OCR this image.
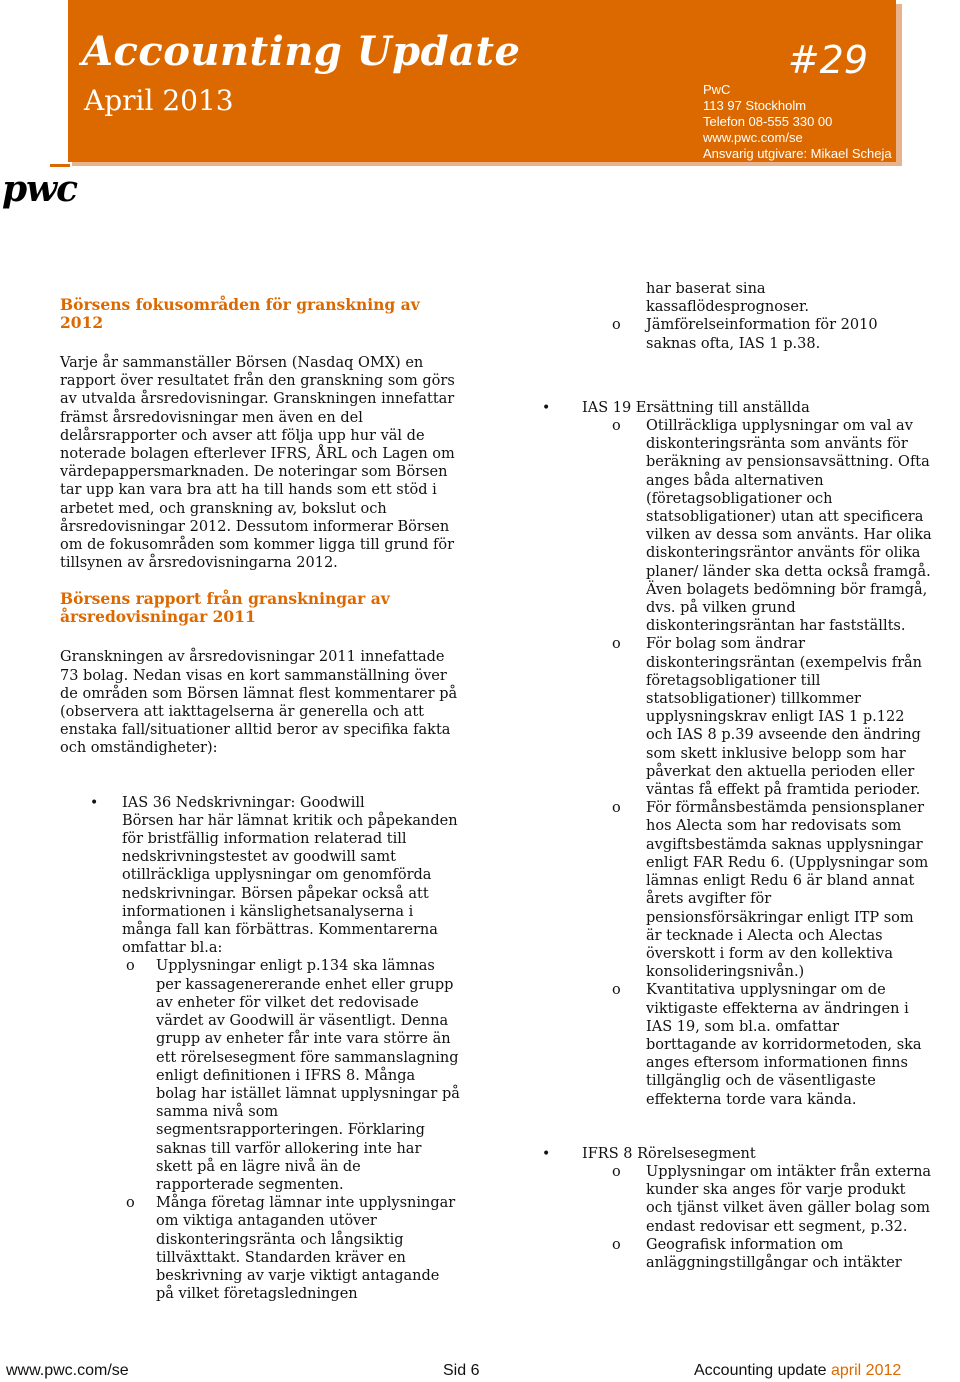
Accounting Update
April 2013
#29
PwC
113 97 Stockholm
Telefon 08-555 330 00
www.pwc.com/se
Ansvarig utgivare: Mikael Scheja
pwc
Börsens fokusområden för granskning av 2012

Varje år sammanställer Börsen (Nasdaq OMX) en rapport över resultatet från den granskning som görs av utvalda årsredovisningar. Granskningen innefattar främst årsredovisningar men även en del delårsrapporter och avser att följa upp hur väl de noterade bolagen efterlever IFRS, ÅRL och Lagen om värdepappersmarknaden. De noteringar som Börsen tar upp kan vara bra att ha till hands som ett stöd i arbetet med, och granskning av, bokslut och årsredovisningar 2012. Dessutom informerar Börsen om de fokusområden som kommer ligga till grund för tillsynen av årsredovisningarna 2012.

Börsens rapport från granskningar av årsredovisningar 2011

Granskningen av årsredovisningar 2011 innefattade 73 bolag. Nedan visas en kort sammanställning över de områden som Börsen lämnat flest kommentarer på (observera att iakttagelserna är generella och att enstaka fall/situationer alltid beror av specifika fakta och omständigheter):

• IAS 36 Nedskrivningar: Goodwill
Börsen har här lämnat kritik och påpekanden för bristfällig information relaterad till nedskrivningstestet av goodwill samt otillräckliga upplysningar om genomförda nedskrivningar. Börsen påpekar också att informationen i känslighetsanalyserna i många fall kan förbättras. Kommentarerna omfattar bl.a:
o Upplysningar enligt p.134 ska lämnas per kassagenererande enhet eller grupp av enheter för vilket det redovisade värdet av Goodwill är väsentligt. Denna grupp av enheter får inte vara större än ett rörelsesegment före sammanslagning enligt definitionen i IFRS 8. Många bolag har istället lämnat upplysningar på samma nivå som segmentsrapporteringen. Förklaring saknas till varför allokering inte har skett på en lägre nivå än de rapporterade segmenten.
o Många företag lämnar inte upplysningar om viktiga antaganden utöver diskonteringsränta och långsiktig tillväxttakt. Standarden kräver en beskrivning av varje viktigt antagande på vilket företagsledningen
har baserat sina kassaflödesprognoser.
o Jämförelseinformation för 2010 saknas ofta, IAS 1 p.38.
•	IAS 19 Ersättning till anställda
o Otillräckliga upplysningar om val av diskonteringsränta som använts för beräkning av pensionsavsättning. Ofta anges båda alternativen (företagsobligationer och statsobligationer) utan att specificera vilken av dessa som använts. Har olika diskonteringsräntor använts för olika planer/ länder ska detta också framgå. Även bolagets bedömning bör framgå, dvs. på vilken grund diskonteringsräntan har fastställts.
o För bolag som ändrar diskonteringsräntan (exempelvis från företagsobligationer till statsobligationer) tillkommer upplysningskrav enligt IAS 1 p.122 och IAS 8 p.39 avseende den ändring som skett inklusive belopp som har påverkat den aktuella perioden eller väntas få effekt på framtida perioder.
o För förmånsbestämda pensionsplaner hos Alecta som har redovisats som avgiftsbestämda saknas upplysningar enligt FAR Redu 6. (Upplysningar som lämnas enligt Redu 6 är bland annat årets avgifter för pensionsförsäkringar enligt ITP som är tecknade i Alecta och Alectas överskott i form av den kollektiva konsolideringsnivån.)
o Kvantitativa upplysningar om de viktigaste effekterna av ändringen i IAS 19, som bl.a. omfattar borttagande av korridormetoden, ska anges eftersom informationen finns tillgänglig och de väsentligaste effekterna torde vara kända.
•	IFRS 8 Rörelsesegment
o Upplysningar om intäkter från externa kunder ska anges för varje produkt och tjänst vilket även gäller bolag som endast redovisar ett segment, p.32.
o Geografisk information om anläggningstillgångar och intäkter
www.pwc.com/se	Sid 6	Accounting update april 2012
